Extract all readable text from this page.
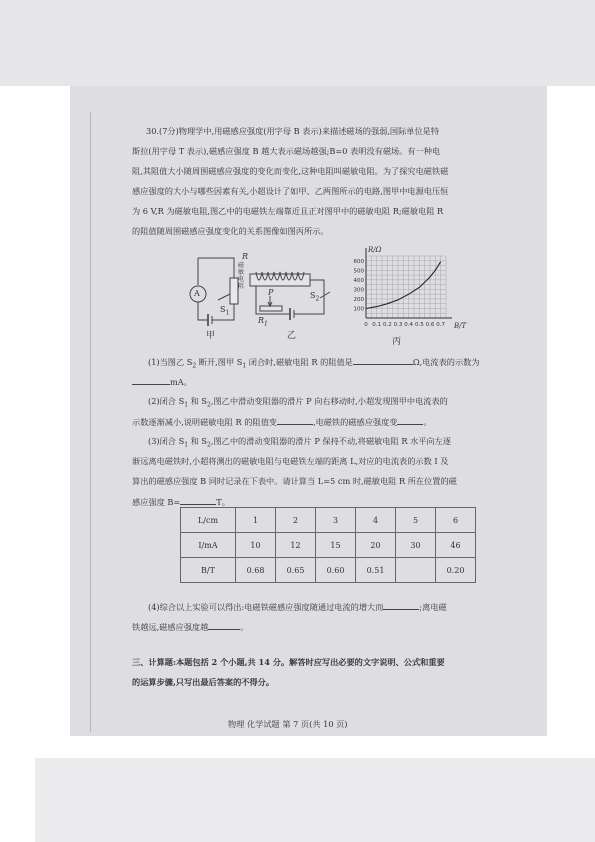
30.(7分)物理学中,用磁感应强度(用字母 B 表示)来描述磁场的强弱,国际单位是特
斯拉(用字母 T 表示),磁感应强度 B 越大表示磁场越强;B=0 表明没有磁场。有一种电
阻,其阻值大小随周围磁感应强度的变化而变化,这种电阻叫磁敏电阻。为了探究电磁铁磁
感应强度的大小与哪些因素有关,小超设计了如甲、乙两图所示的电路,图甲中电源电压恒
为 6 V,R 为磁敏电阻,图乙中的电磁铁左端靠近且正对图甲中的磁敏电阻 R;磁敏电阻 R
的阻值随周围磁感应强度变化的关系图像如图丙所示。
A
$S_1$
R
磁敏电阻
甲
P
$R_1$
$S_2$
乙
100
200
300
400
500
600
0 0.1 0.2 0.3 0.4 0.5 0.6 0.7
R/Ω
B/T
丙
(1)当图乙 $S_2$ 断开,图甲 $S_1$ 闭合时,磁敏电阻 R 的阻值是	Ω,电流表的示数为
mA。
(2)闭合 $S_1$ 和 $S_2$,图乙中滑动变阻器的滑片 P 向右移动时,小超发现图甲中电流表的
示数逐渐减小,说明磁敏电阻 R 的阻值变	,电磁铁的磁感应强度变	。
(3)闭合 $S_1$ 和 $S_2$,图乙中的滑动变阻器的滑片 P 保持不动,将磁敏电阻 R 水平向左逐
渐远离电磁铁时,小超将测出的磁敏电阻与电磁铁左端的距离 L,对应的电流表的示数 I 及
算出的磁感应强度 B 同时记录在下表中。请计算当 L=5 cm 时,磁敏电阻 R 所在位置的磁
感应强度 B=	T。
L/cm	1	2	3	4	5	6
I/mA	10	12	15	20	30	46
B/T	0.68	0.65	0.60	0.51		0.20
(4)综合以上实验可以得出:电磁铁磁感应强度随通过电流的增大而	;离电磁
铁越远,磁感应强度越	。
三、计算题:本题包括 2 个小题,共 14 分。解答时应写出必要的文字说明、公式和重要
的运算步骤,只写出最后答案的不得分。
物理 化学试题 第 7 页(共 10 页)
